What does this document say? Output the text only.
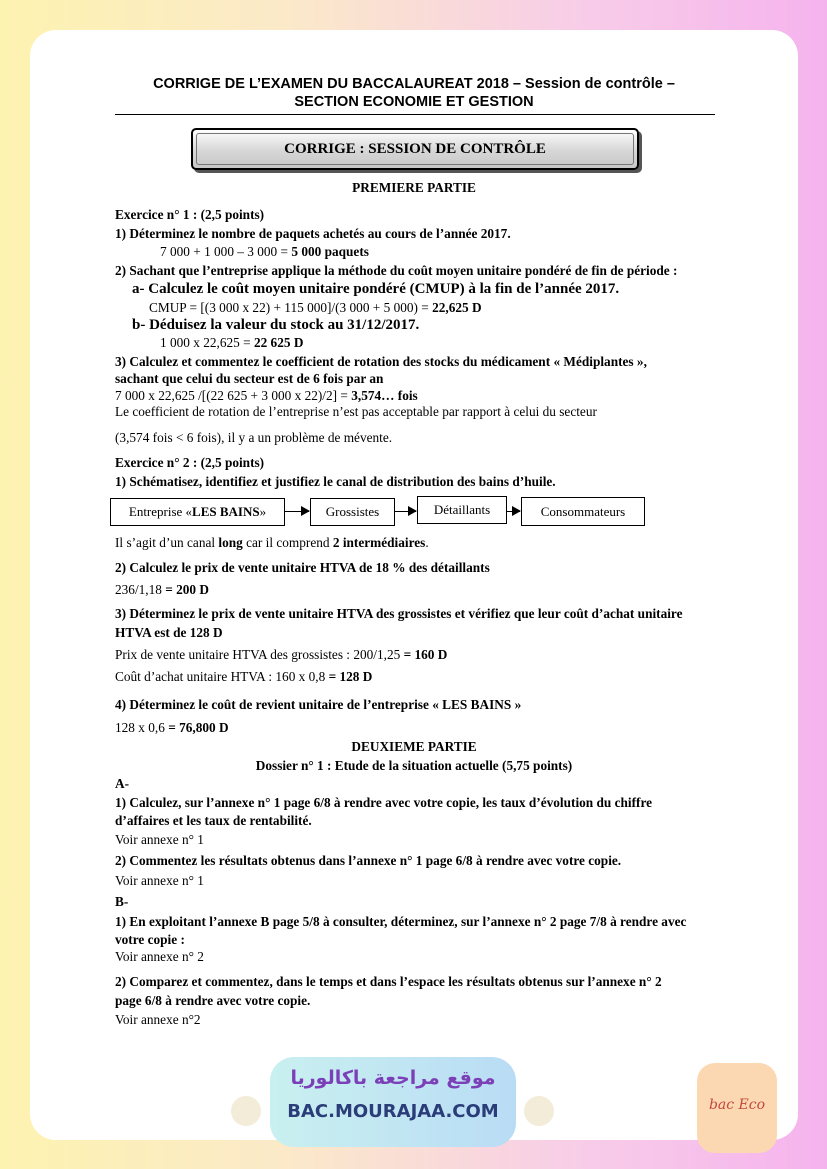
CORRIGE DE L’EXAMEN DU BACCALAUREAT 2018 – Session de contrôle –
SECTION ECONOMIE ET GESTION
CORRIGE : SESSION DE CONTRÔLE
PREMIERE PARTIE
Exercice n° 1 : (2,5 points)
1) Déterminez le nombre de paquets achetés au cours de l’année 2017.
7 000 + 1 000 – 3 000 = 5 000 paquets
2) Sachant que l’entreprise applique la méthode du coût moyen unitaire pondéré de fin de période :
a- Calculez le coût moyen unitaire pondéré (CMUP) à la fin de l’année 2017.
CMUP = [(3 000 x 22) + 115 000]/(3 000 + 5 000) = 22,625 D
b- Déduisez la valeur du stock au 31/12/2017.
1 000 x 22,625 = 22 625 D
3) Calculez et commentez le coefficient de rotation des stocks du médicament « Médiplantes »,
sachant que celui du secteur est de 6 fois par an
7 000 x 22,625 /[(22 625 + 3 000 x 22)/2] = 3,574… fois
Le coefficient de rotation de l’entreprise n’est pas acceptable par rapport à celui du secteur
(3,574 fois < 6 fois), il y a un problème de mévente.
Exercice n° 2 : (2,5 points)
1) Schématisez, identifiez et justifiez le canal de distribution des bains d’huile.
Entreprise « LES BAINS »	Grossistes	Détaillants	Consommateurs
Il s’agit d’un canal long car il comprend 2 intermédiaires.
2) Calculez le prix de vente unitaire HTVA de 18 % des détaillants
236/1,18 = 200 D
3) Déterminez le prix de vente unitaire HTVA des grossistes et vérifiez que leur coût d’achat unitaire
HTVA est de 128 D
Prix de vente unitaire HTVA des grossistes : 200/1,25 = 160 D
Coût d’achat unitaire HTVA : 160 x 0,8 = 128 D
4) Déterminez le coût de revient unitaire de l’entreprise « LES BAINS »
128 x 0,6 = 76,800 D
DEUXIEME PARTIE
Dossier n° 1 : Etude de la situation actuelle (5,75 points)
A-
1) Calculez, sur l’annexe n° 1 page 6/8 à rendre avec votre copie, les taux d’évolution du chiffre
d’affaires et les taux de rentabilité.
Voir annexe n° 1
2) Commentez les résultats obtenus dans l’annexe n° 1 page 6/8 à rendre avec votre copie.
Voir annexe n° 1
B-
1) En exploitant l’annexe B page 5/8 à consulter, déterminez, sur l’annexe n° 2 page 7/8 à rendre avec
votre copie :
Voir annexe n° 2
2) Comparez et commentez, dans le temps et dans l’espace les résultats obtenus sur l’annexe n° 2
page 6/8 à rendre avec votre copie.
Voir annexe n°2
موقع مراجعة باكالوريا
BAC.MOURAJAA.COM	bac Eco
